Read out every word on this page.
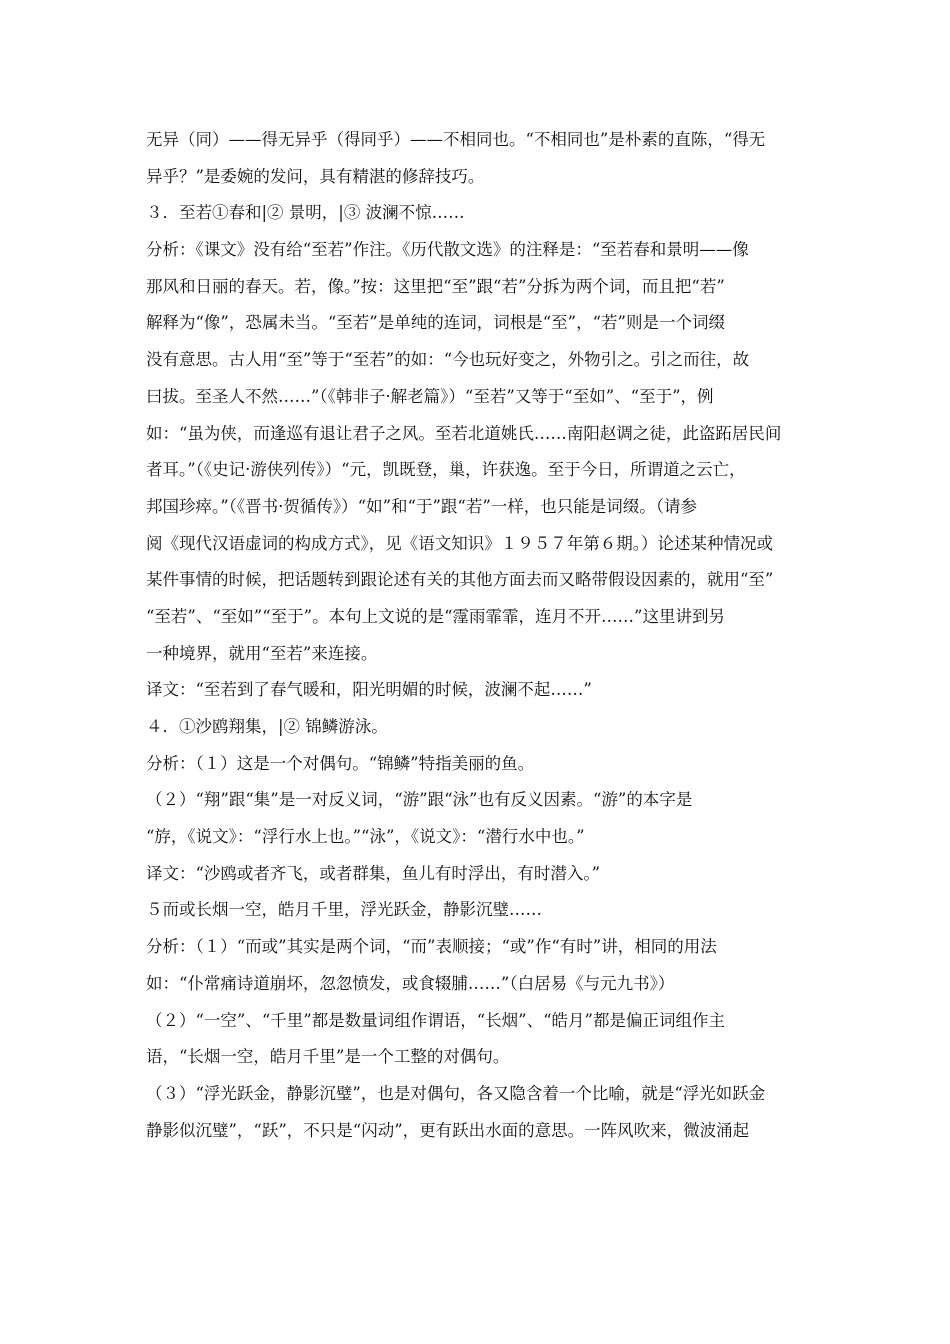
无异（同）——得无异乎（得同乎）——不相同也。“不相同也”是朴素的直陈，“得无
异乎？”是委婉的发问，具有精湛的修辞技巧。
３．至若①春和|② 景明，|③ 波澜不惊……
分析：《课文》没有给“至若”作注。《历代散文选》的注释是：“至若春和景明——像
那风和日丽的春天。若，像。”按：这里把“至”跟“若”分拆为两个词，而且把“若”
解释为“像”，恐属未当。“至若”是单纯的连词，词根是“至”，“若”则是一个词缀
没有意思。古人用“至”等于“至若”的如：“今也玩好变之，外物引之。引之而往，故
曰拔。至圣人不然……”（《韩非子·解老篇》）“至若”又等于“至如”、“至于”，例
如：“虽为侠，而逢巡有退让君子之风。至若北道姚氏……南阳赵调之徒，此盗跖居民间
者耳。”（《史记·游侠列传》）“元，凯既登，巢，许获逸。至于今日，所谓道之云亡，
邦国珍瘁。”（《晋书·贺循传》）“如”和“于”跟“若”一样，也只能是词缀。（请参
阅《现代汉语虚词的构成方式》，见《语文知识》１９５７年第６期。）论述某种情况或
某件事情的时候，把话题转到跟论述有关的其他方面去而又略带假设因素的，就用“至”
“至若”、“至如”“至于”。本句上文说的是“霪雨霏霏，连月不开……”这里讲到另
一种境界，就用“至若”来连接。
译文：“至若到了春气暖和，阳光明媚的时候，波澜不起……”
４．①沙鸥翔集，|② 锦鳞游泳。
分析：（１）这是一个对偶句。“锦鳞”特指美丽的鱼。
（２）“翔”跟“集”是一对反义词，“游”跟“泳”也有反义因素。“游”的本字是
“斿，《说文》：“浮行水上也。”“泳”，《说文》：“潜行水中也。”
译文：“沙鸥或者齐飞，或者群集，鱼儿有时浮出，有时潜入。”
５而或长烟一空，皓月千里，浮光跃金，静影沉璧……
分析：（１）“而或”其实是两个词，“而”表顺接；“或”作“有时”讲，相同的用法
如：“仆常痛诗道崩坏，忽忽愤发，或食辍脯……”（白居易《与元九书》）
（２）“一空”、“千里”都是数量词组作谓语，“长烟”、“皓月”都是偏正词组作主
语，“长烟一空，皓月千里”是一个工整的对偶句。
（３）“浮光跃金，静影沉璧”，也是对偶句，各又隐含着一个比喻，就是“浮光如跃金
静影似沉璧”，“跃”，不只是“闪动”，更有跃出水面的意思。一阵风吹来，微波涌起
